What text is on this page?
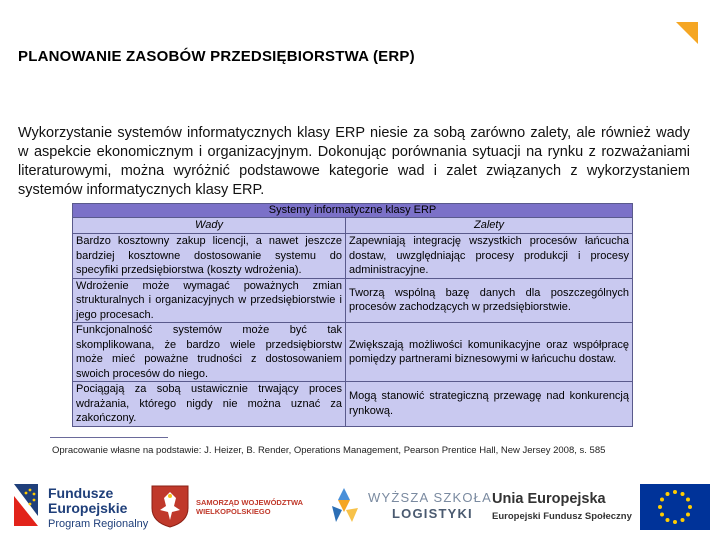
PLANOWANIE ZASOBÓW PRZEDSIĘBIORSTWA (ERP)

Wykorzystanie systemów informatycznych klasy ERP niesie za sobą zarówno zalety, ale również wady w aspekcie ekonomicznym i organizacyjnym. Dokonując porównania sytuacji na rynku z rozważaniami literaturowymi, można wyróżnić podstawowe kategorie wad i zalet związanych z wykorzystaniem systemów informatycznych klasy ERP.

Systemy informatyczne klasy ERP	
Wady	Zalety
Bardzo kosztowny zakup licencji, a nawet jeszcze bardziej kosztowne dostosowanie systemu do specyfiki przedsiębiorstwa (koszty wdrożenia).	Zapewniają integrację wszystkich procesów łańcucha dostaw, uwzględniając procesy produkcji i procesy administracyjne.
Wdrożenie może wymagać poważnych zmian strukturalnych i organizacyjnych w przedsiębiorstwie i jego procesach.	Tworzą wspólną bazę danych dla poszczególnych procesów zachodzących w przedsiębiorstwie.
Funkcjonalność systemów może być tak skomplikowana, że bardzo wiele przedsiębiorstw może mieć poważne trudności z dostosowaniem swoich procesów do niego.	Zwiększają możliwości komunikacyjne oraz współpracę pomiędzy partnerami biznesowymi w łańcuchu dostaw.
Pociągają za sobą ustawicznie trwający proces wdrażania, którego nigdy nie można uznać za zakończony.	Mogą stanowić strategiczną przewagę nad konkurencją rynkową.

Opracowanie własne na podstawie: J. Heizer, B. Render, Operations Management, Pearson Prentice Hall, New Jersey 2008, s. 585

Fundusze
Europejskie
Program Regionalny
SAMORZĄD WOJEWÓDZTWA
WIELKOPOLSKIEGO
WYŻSZA SZKOŁA
LOGISTYKI
Unia Europejska
Europejski Fundusz Społeczny
